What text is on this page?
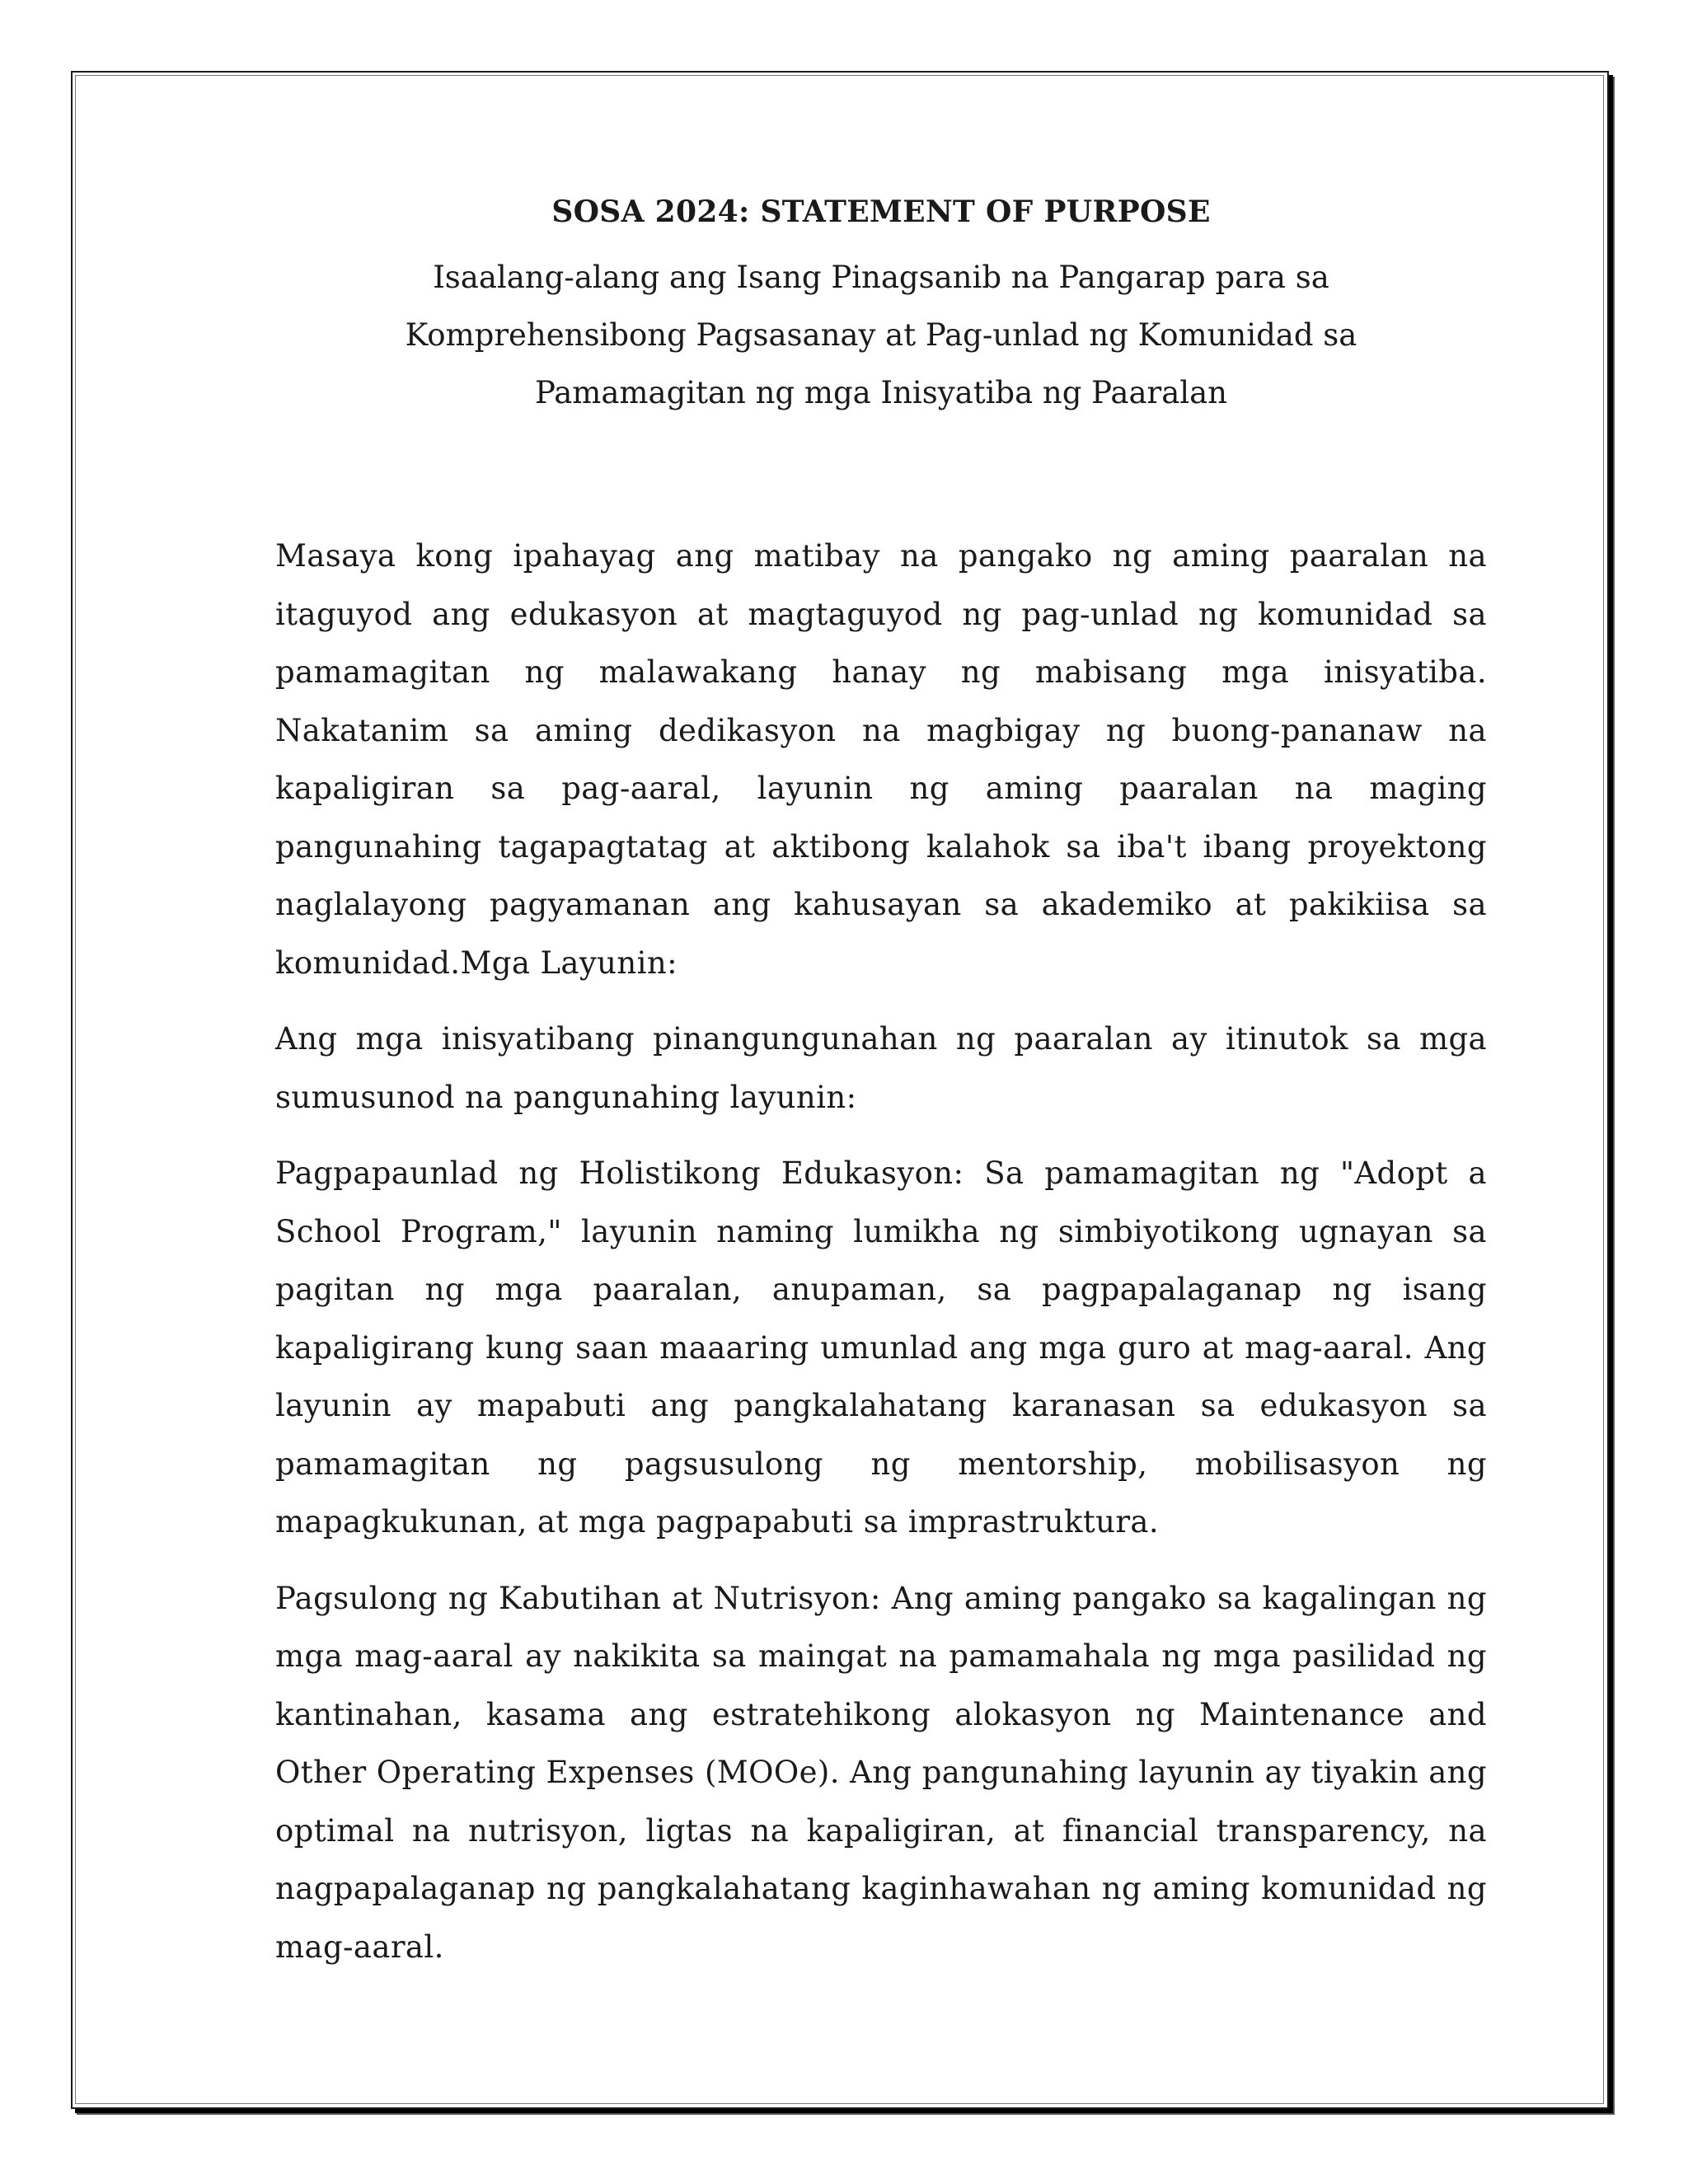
SOSA 2024: STATEMENT OF PURPOSE
Isaalang-alang ang Isang Pinagsanib na Pangarap para sa Komprehensibong Pagsasanay at Pag-unlad ng Komunidad sa Pamamagitan ng mga Inisyatiba ng Paaralan

Masaya kong ipahayag ang matibay na pangako ng aming paaralan na itaguyod ang edukasyon at magtaguyod ng pag-unlad ng komunidad sa pamamagitan ng malawakang hanay ng mabisang mga inisyatiba. Nakatanim sa aming dedikasyon na magbigay ng buong-pananaw na kapaligiran sa pag-aaral, layunin ng aming paaralan na maging pangunahing tagapagtatag at aktibong kalahok sa iba't ibang proyektong naglalayong pagyamanan ang kahusayan sa akademiko at pakikiisa sa komunidad.Mga Layunin:

Ang mga inisyatibang pinangungunahan ng paaralan ay itinutok sa mga sumusunod na pangunahing layunin:

Pagpapaunlad ng Holistikong Edukasyon: Sa pamamagitan ng "Adopt a School Program," layunin naming lumikha ng simbiyotikong ugnayan sa pagitan ng mga paaralan, anupaman, sa pagpapalaganap ng isang kapaligirang kung saan maaaring umunlad ang mga guro at mag-aaral. Ang layunin ay mapabuti ang pangkalahatang karanasan sa edukasyon sa pamamagitan ng pagsusulong ng mentorship, mobilisasyon ng mapagkukunan, at mga pagpapabuti sa imprastruktura.

Pagsulong ng Kabutihan at Nutrisyon: Ang aming pangako sa kagalingan ng mga mag-aaral ay nakikita sa maingat na pamamahala ng mga pasilidad ng kantinahan, kasama ang estratehikong alokasyon ng Maintenance and Other Operating Expenses (MOOe). Ang pangunahing layunin ay tiyakin ang optimal na nutrisyon, ligtas na kapaligiran, at financial transparency, na nagpapalaganap ng pangkalahatang kaginhawahan ng aming komunidad ng mag-aaral.
